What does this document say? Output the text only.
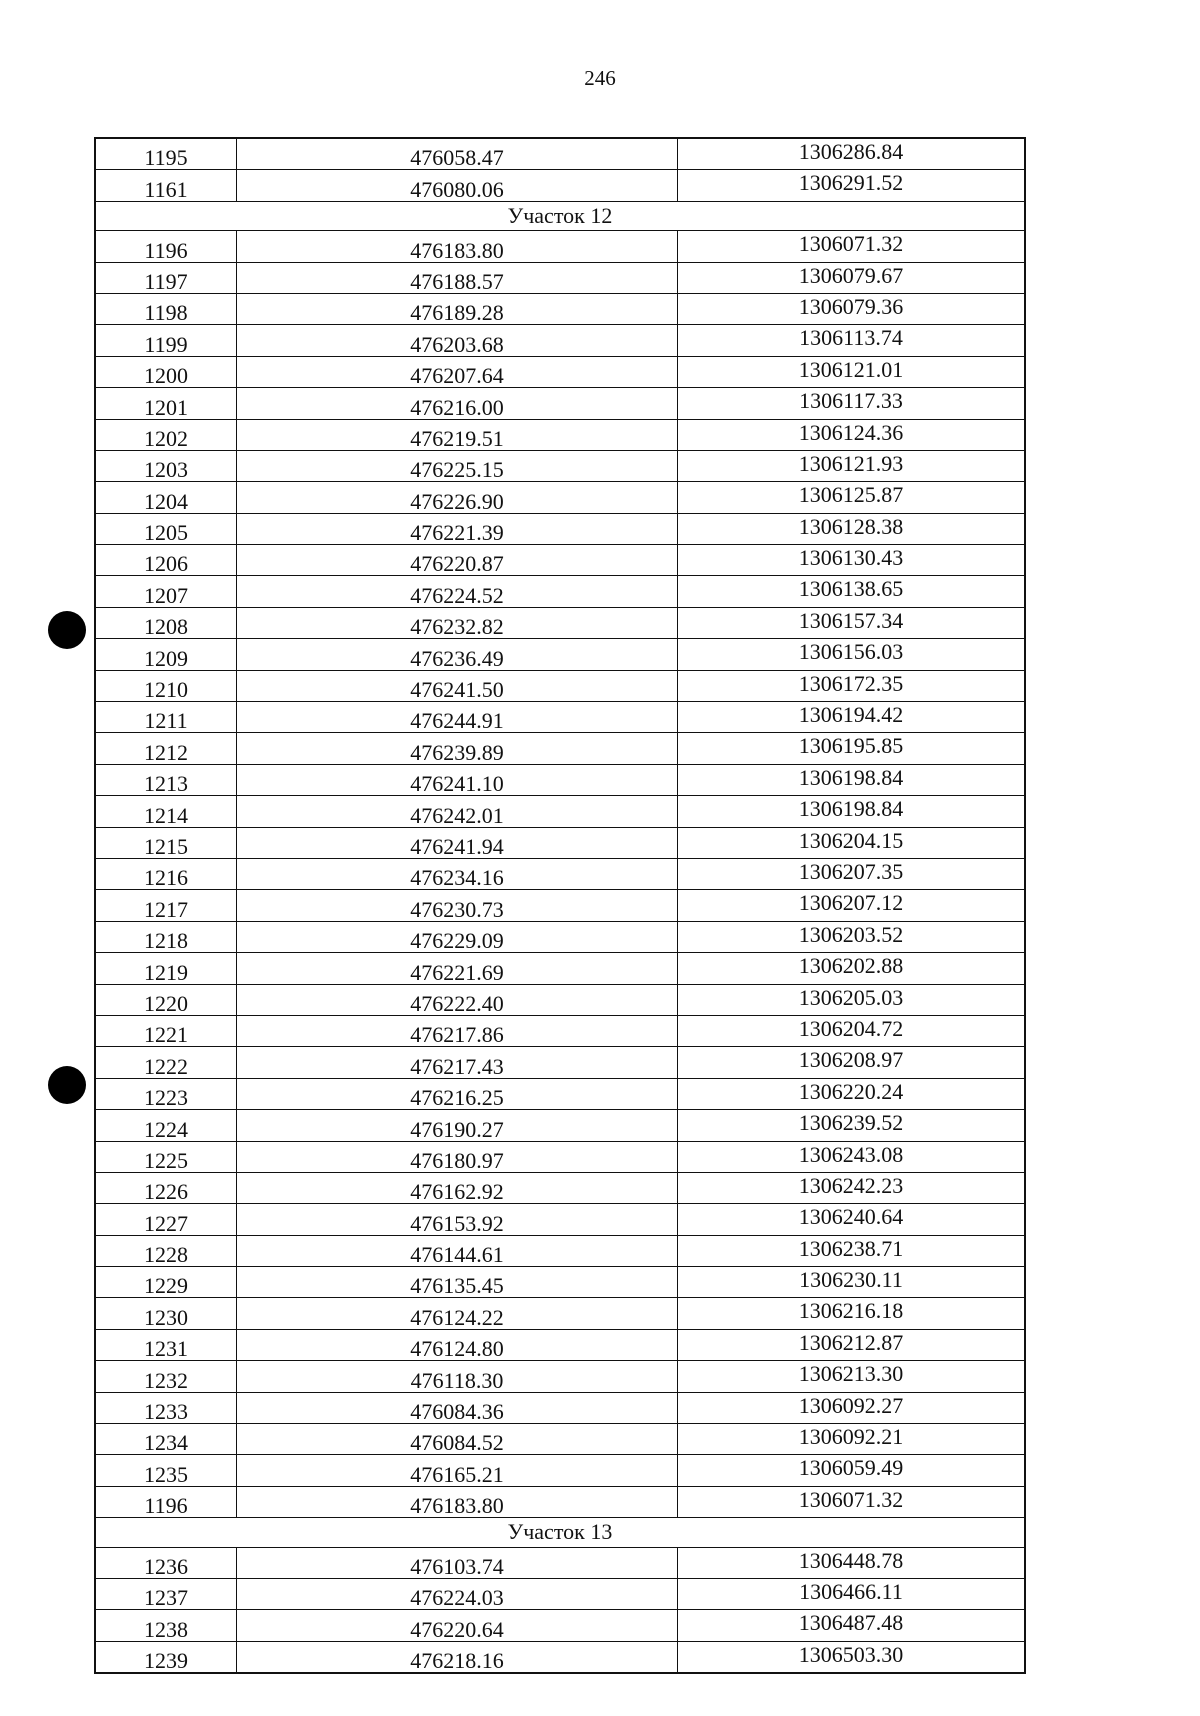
246
1195	476058.47	1306286.84
1161	476080.06	1306291.52
Участок 12		
1196	476183.80	1306071.32
1197	476188.57	1306079.67
1198	476189.28	1306079.36
1199	476203.68	1306113.74
1200	476207.64	1306121.01
1201	476216.00	1306117.33
1202	476219.51	1306124.36
1203	476225.15	1306121.93
1204	476226.90	1306125.87
1205	476221.39	1306128.38
1206	476220.87	1306130.43
1207	476224.52	1306138.65
1208	476232.82	1306157.34
1209	476236.49	1306156.03
1210	476241.50	1306172.35
1211	476244.91	1306194.42
1212	476239.89	1306195.85
1213	476241.10	1306198.84
1214	476242.01	1306198.84
1215	476241.94	1306204.15
1216	476234.16	1306207.35
1217	476230.73	1306207.12
1218	476229.09	1306203.52
1219	476221.69	1306202.88
1220	476222.40	1306205.03
1221	476217.86	1306204.72
1222	476217.43	1306208.97
1223	476216.25	1306220.24
1224	476190.27	1306239.52
1225	476180.97	1306243.08
1226	476162.92	1306242.23
1227	476153.92	1306240.64
1228	476144.61	1306238.71
1229	476135.45	1306230.11
1230	476124.22	1306216.18
1231	476124.80	1306212.87
1232	476118.30	1306213.30
1233	476084.36	1306092.27
1234	476084.52	1306092.21
1235	476165.21	1306059.49
1196	476183.80	1306071.32
Участок 13		
1236	476103.74	1306448.78
1237	476224.03	1306466.11
1238	476220.64	1306487.48
1239	476218.16	1306503.30
